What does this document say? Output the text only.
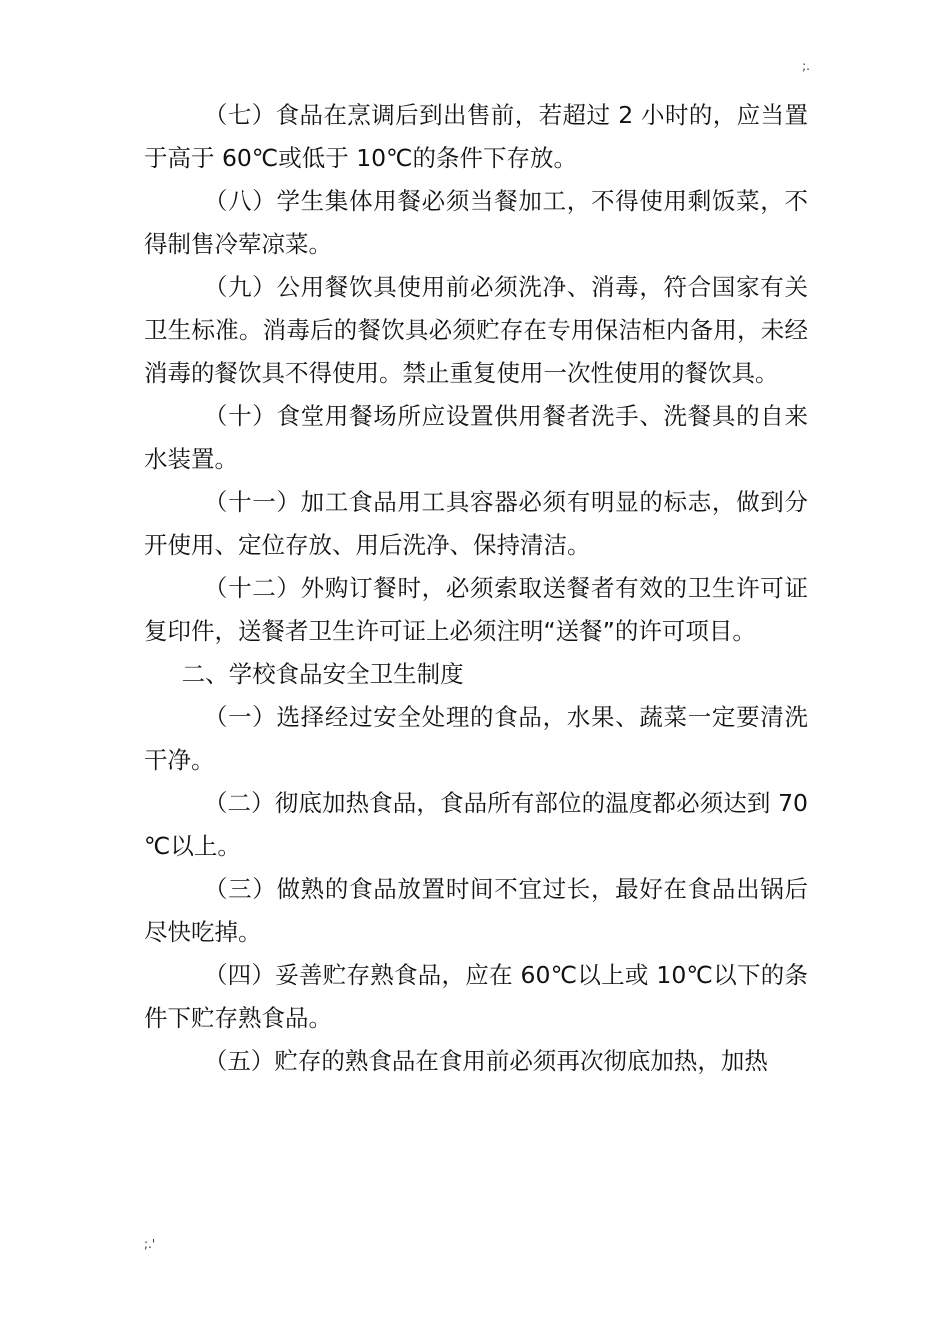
;.

（七）食品在烹调后到出售前，若超过 2 小时的，应当置于高于 60℃或低于 10℃的条件下存放。

（八）学生集体用餐必须当餐加工，不得使用剩饭菜，不得制售冷荤凉菜。

（九）公用餐饮具使用前必须洗净、消毒，符合国家有关卫生标准。消毒后的餐饮具必须贮存在专用保洁柜内备用，未经消毒的餐饮具不得使用。禁止重复使用一次性使用的餐饮具。

（十）食堂用餐场所应设置供用餐者洗手、洗餐具的自来水装置。

（十一）加工食品用工具容器必须有明显的标志，做到分开使用、定位存放、用后洗净、保持清洁。

（十二）外购订餐时，必须索取送餐者有效的卫生许可证复印件，送餐者卫生许可证上必须注明“送餐”的许可项目。

二、学校食品安全卫生制度

（一）选择经过安全处理的食品，水果、蔬菜一定要清洗干净。

（二）彻底加热食品，食品所有部位的温度都必须达到 70℃以上。

（三）做熟的食品放置时间不宜过长，最好在食品出锅后尽快吃掉。

（四）妥善贮存熟食品，应在 60℃以上或 10℃以下的条件下贮存熟食品。

（五）贮存的熟食品在食用前必须再次彻底加热，加热

;.'
